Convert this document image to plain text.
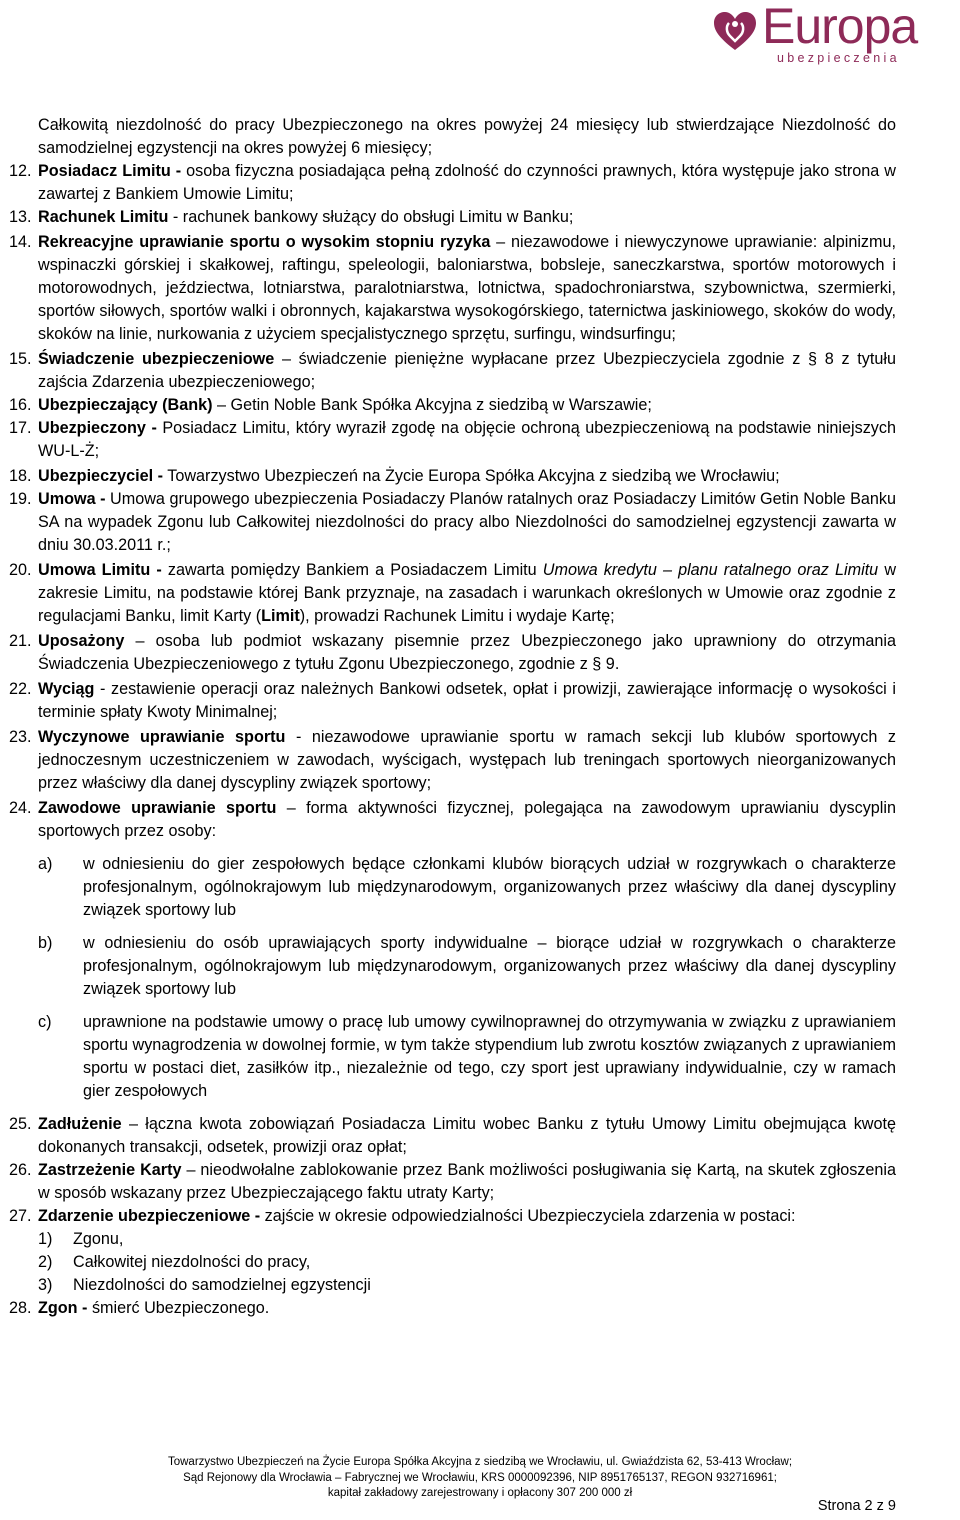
Europa
ubezpieczenia
Całkowitą niezdolność do pracy Ubezpieczonego na okres powyżej 24 miesięcy lub stwierdzające Niezdolność do samodzielnej egzystencji na okres powyżej 6 miesięcy;
12. Posiadacz Limitu - osoba fizyczna posiadająca pełną zdolność do czynności prawnych, która występuje jako strona w zawartej z Bankiem Umowie Limitu;
13. Rachunek Limitu - rachunek bankowy służący do obsługi Limitu w Banku;
14. Rekreacyjne uprawianie sportu o wysokim stopniu ryzyka – niezawodowe i niewyczynowe uprawianie: alpinizmu, wspinaczki górskiej i skałkowej, raftingu, speleologii, baloniarstwa, bobsleje, saneczkarstwa, sportów motorowych i motorowodnych, jeździectwa, lotniarstwa, paralotniarstwa, lotnictwa, spadochroniarstwa, szybownictwa, szermierki, sportów siłowych, sportów walki i obronnych, kajakarstwa wysokogórskiego, taternictwa jaskiniowego, skoków do wody, skoków na linie, nurkowania z użyciem specjalistycznego sprzętu, surfingu, windsurfingu;
15. Świadczenie ubezpieczeniowe – świadczenie pieniężne wypłacane przez Ubezpieczyciela zgodnie z § 8 z tytułu zajścia Zdarzenia ubezpieczeniowego;
16. Ubezpieczający (Bank) – Getin Noble Bank Spółka Akcyjna z siedzibą w Warszawie;
17. Ubezpieczony - Posiadacz Limitu, który wyraził zgodę na objęcie ochroną ubezpieczeniową na podstawie niniejszych WU-L-Ż;
18. Ubezpieczyciel - Towarzystwo Ubezpieczeń na Życie Europa Spółka Akcyjna z siedzibą we Wrocławiu;
19. Umowa - Umowa grupowego ubezpieczenia Posiadaczy Planów ratalnych oraz Posiadaczy Limitów Getin Noble Banku SA na wypadek Zgonu lub Całkowitej niezdolności do pracy albo Niezdolności do samodzielnej egzystencji zawarta w dniu 30.03.2011 r.;
20. Umowa Limitu - zawarta pomiędzy Bankiem a Posiadaczem Limitu Umowa kredytu – planu ratalnego oraz Limitu w zakresie Limitu, na podstawie której Bank przyznaje, na zasadach i warunkach określonych w Umowie oraz zgodnie z regulacjami Banku, limit Karty (Limit), prowadzi Rachunek Limitu i wydaje Kartę;
21. Uposażony – osoba lub podmiot wskazany pisemnie przez Ubezpieczonego jako uprawniony do otrzymania Świadczenia Ubezpieczeniowego z tytułu Zgonu Ubezpieczonego, zgodnie z § 9.
22. Wyciąg - zestawienie operacji oraz należnych Bankowi odsetek, opłat i prowizji, zawierające informację o wysokości i terminie spłaty Kwoty Minimalnej;
23. Wyczynowe uprawianie sportu - niezawodowe uprawianie sportu w ramach sekcji lub klubów sportowych z jednoczesnym uczestniczeniem w zawodach, wyścigach, występach lub treningach sportowych nieorganizowanych przez właściwy dla danej dyscypliny związek sportowy;
24. Zawodowe uprawianie sportu – forma aktywności fizycznej, polegająca na zawodowym uprawianiu dyscyplin sportowych przez osoby:
a) w odniesieniu do gier zespołowych będące członkami klubów biorących udział w rozgrywkach o charakterze profesjonalnym, ogólnokrajowym lub międzynarodowym, organizowanych przez właściwy dla danej dyscypliny związek sportowy lub
b) w odniesieniu do osób uprawiających sporty indywidualne – biorące udział w rozgrywkach o charakterze profesjonalnym, ogólnokrajowym lub międzynarodowym, organizowanych przez właściwy dla danej dyscypliny związek sportowy lub
c) uprawnione na podstawie umowy o pracę lub umowy cywilnoprawnej do otrzymywania w związku z uprawianiem sportu wynagrodzenia w dowolnej formie, w tym także stypendium lub zwrotu kosztów związanych z uprawianiem sportu w postaci diet, zasiłków itp., niezależnie od tego, czy sport jest uprawiany indywidualnie, czy w ramach gier zespołowych
25. Zadłużenie – łączna kwota zobowiązań Posiadacza Limitu wobec Banku z tytułu Umowy Limitu obejmująca kwotę dokonanych transakcji, odsetek, prowizji oraz opłat;
26. Zastrzeżenie Karty – nieodwołalne zablokowanie przez Bank możliwości posługiwania się Kartą, na skutek zgłoszenia w sposób wskazany przez Ubezpieczającego faktu utraty Karty;
27. Zdarzenie ubezpieczeniowe - zajście w okresie odpowiedzialności Ubezpieczyciela zdarzenia w postaci:
1) Zgonu,
2) Całkowitej niezdolności do pracy,
3) Niezdolności do samodzielnej egzystencji
28. Zgon - śmierć Ubezpieczonego.
Towarzystwo Ubezpieczeń na Życie Europa Spółka Akcyjna z siedzibą we Wrocławiu, ul. Gwiaździsta 62, 53-413 Wrocław;
Sąd Rejonowy dla Wrocławia – Fabrycznej we Wrocławiu, KRS 0000092396, NIP 8951765137, REGON 932716961;
kapitał zakładowy zarejestrowany i opłacony 307 200 000 zł
Strona 2 z 9
